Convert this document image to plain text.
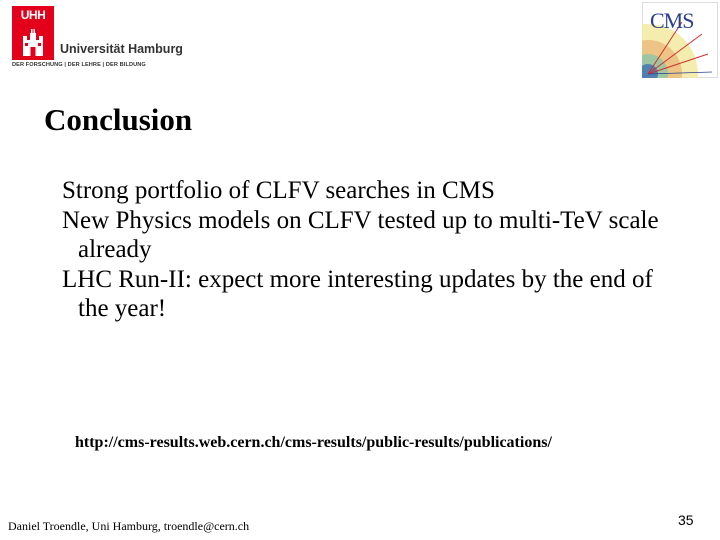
UHH
Universität Hamburg
DER FORSCHUNG | DER LEHRE | DER BILDUNG
CMS
Conclusion
Strong portfolio of CLFV searches in CMS
New Physics models on CLFV tested up to multi-TeV scale already
LHC Run-II: expect more interesting updates by the end of the year!
http://cms-results.web.cern.ch/cms-results/public-results/publications/
Daniel Troendle, Uni Hamburg, troendle@cern.ch	35
